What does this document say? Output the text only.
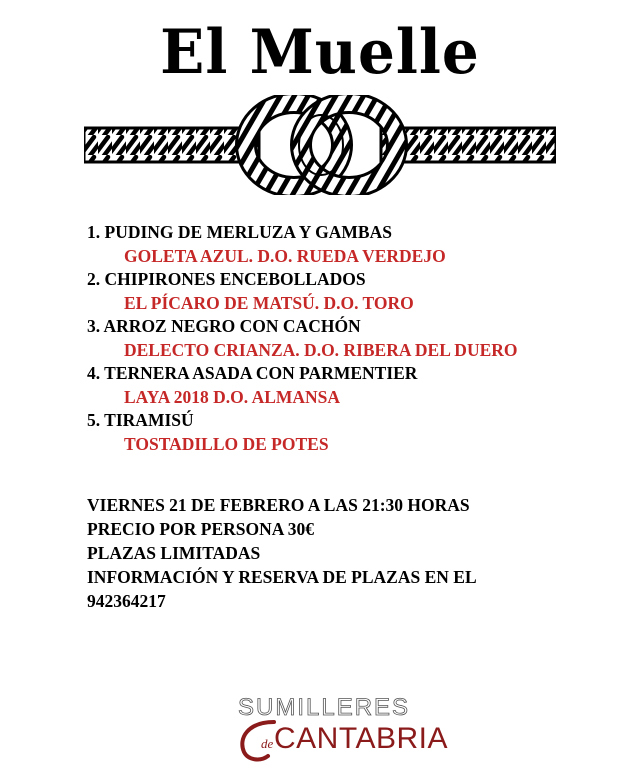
El Muelle
1. PUDING DE MERLUZA Y GAMBAS
GOLETA AZUL. D.O. RUEDA VERDEJO
2. CHIPIRONES ENCEBOLLADOS
EL PÍCARO DE MATSÚ. D.O. TORO
3. ARROZ NEGRO CON CACHÓN
DELECTO CRIANZA. D.O. RIBERA DEL DUERO
4. TERNERA ASADA CON PARMENTIER
LAYA 2018 D.O. ALMANSA
5. TIRAMISÚ
TOSTADILLO DE POTES
VIERNES 21 DE FEBRERO A LAS 21:30 HORAS
PRECIO POR PERSONA 30€
PLAZAS LIMITADAS
INFORMACIÓN Y RESERVA DE PLAZAS EN EL 942364217
SUMILLERES
de CANTABRIA
